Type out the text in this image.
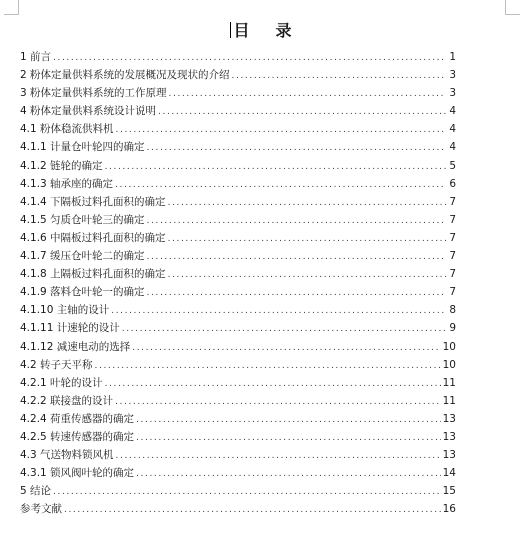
目 录
1 前言 .....	1
2 粉体定量供料系统的发展概况及现状的介绍 .....	3
3 粉体定量供料系统的工作原理 .....	3
4 粉体定量供料系统设计说明 .....	4
4.1 粉体稳流供料机 .....	4
4.1.1 计量仓叶轮四的确定 .....	4
4.1.2 链轮的确定 .....	5
4.1.3 轴承座的确定 .....	6
4.1.4 下隔板过料孔面积的确定 .....	7
4.1.5 匀质仓叶轮三的确定 .....	7
4.1.6 中隔板过料孔面积的确定 .....	7
4.1.7 缓压仓叶轮二的确定 .....	7
4.1.8 上隔板过料孔面积的确定 .....	7
4.1.9 落料仓叶轮一的确定 .....	7
4.1.10 主轴的设计 .....	8
4.1.11 计速轮的设计 .....	9
4.1.12 减速电动的选择 .....	10
4.2 转子天平称 .....	10
4.2.1 叶轮的设计 .....	11
4.2.2 联接盘的设计 .....	11
4.2.4 荷重传感器的确定 .....	13
4.2.5 转速传感器的确定 .....	13
4.3 气送物料锁风机 .....	13
4.3.1 锁风阀叶轮的确定 .....	14
5 结论 .....	15
参考文献 .....	16
